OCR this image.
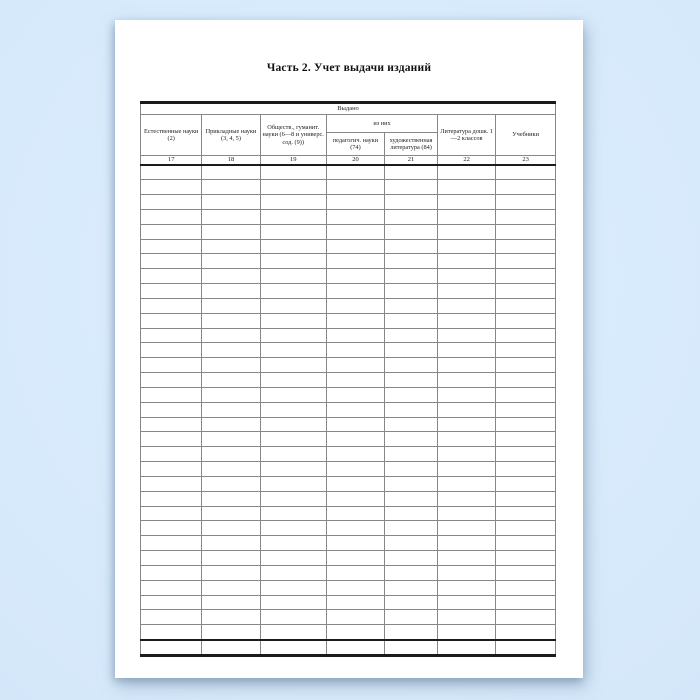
Часть 2. Учет выдачи изданий
Выдано						
Естественные науки (2)	Прикладные науки (3, 4, 5)	Обществ., гуманит. науки (6—8 и универс. сод. (9))	из них		Литература дошк. 1—2 классов	Учебники
			педагогич. науки (74)	художественная литература (84)		
17	18	19	20	21	22	23
